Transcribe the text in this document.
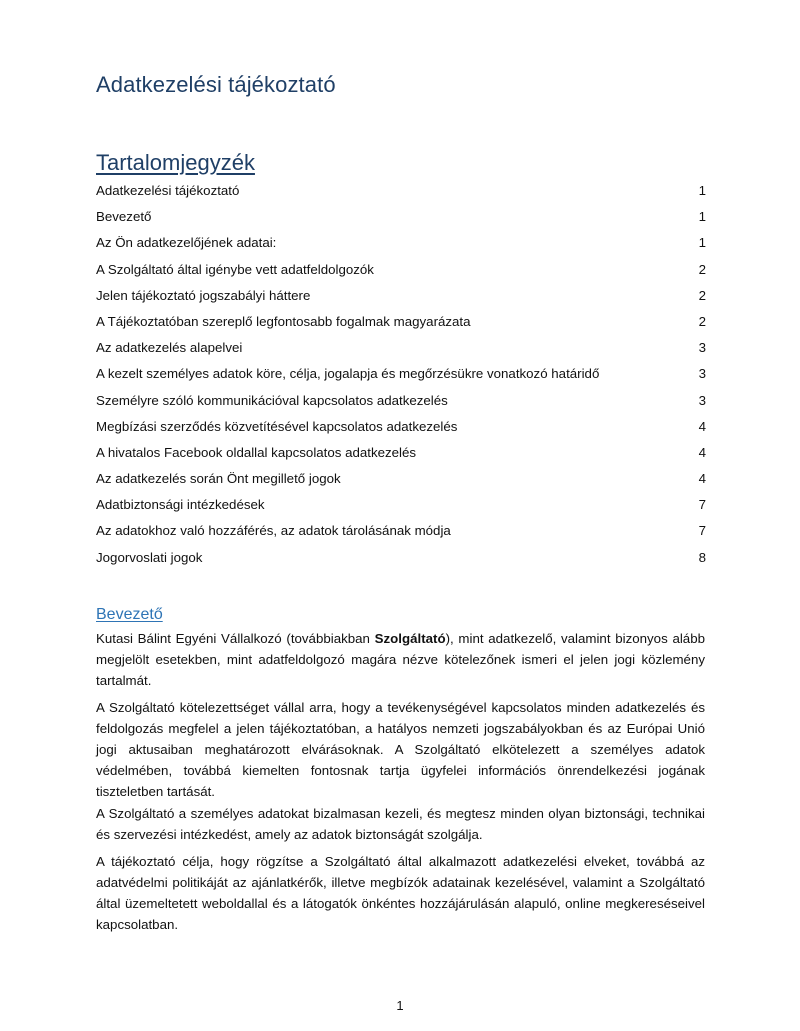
Adatkezelési tájékoztató
Tartalomjegyzék
Adatkezelési tájékoztató	1
Bevezető	1
Az Ön adatkezelőjének adatai:	1
A Szolgáltató által igénybe vett adatfeldolgozók	2
Jelen tájékoztató jogszabályi háttere	2
A Tájékoztatóban szereplő legfontosabb fogalmak magyarázata	2
Az adatkezelés alapelvei	3
A kezelt személyes adatok köre, célja, jogalapja és megőrzésükre vonatkozó határidő	3
Személyre szóló kommunikációval kapcsolatos adatkezelés	3
Megbízási szerződés közvetítésével kapcsolatos adatkezelés	4
A hivatalos Facebook oldallal kapcsolatos adatkezelés	4
Az adatkezelés során Önt megillető jogok	4
Adatbiztonsági intézkedések	7
Az adatokhoz való hozzáférés, az adatok tárolásának módja	7
Jogorvoslati jogok	8
Bevezető

Kutasi Bálint Egyéni Vállalkozó (továbbiakban Szolgáltató), mint adatkezelő, valamint bizonyos alább megjelölt esetekben, mint adatfeldolgozó magára nézve kötelezőnek ismeri el jelen jogi közlemény tartalmát.

A Szolgáltató kötelezettséget vállal arra, hogy a tevékenységével kapcsolatos minden adatkezelés és feldolgozás megfelel a jelen tájékoztatóban, a hatályos nemzeti jogszabályokban és az Európai Unió jogi aktusaiban meghatározott elvárásoknak. A Szolgáltató elkötelezett a személyes adatok védelmében, továbbá kiemelten fontosnak tartja ügyfelei információs önrendelkezési jogának tiszteletben tartását.

A Szolgáltató a személyes adatokat bizalmasan kezeli, és megtesz minden olyan biztonsági, technikai és szervezési intézkedést, amely az adatok biztonságát szolgálja.

A tájékoztató célja, hogy rögzítse a Szolgáltató által alkalmazott adatkezelési elveket, továbbá az adatvédelmi politikáját az ajánlatkérők, illetve megbízók adatainak kezelésével, valamint a Szolgáltató által üzemeltetett weboldallal és a látogatók önkéntes hozzájárulásán alapuló, online megkereséseivel kapcsolatban.

1
